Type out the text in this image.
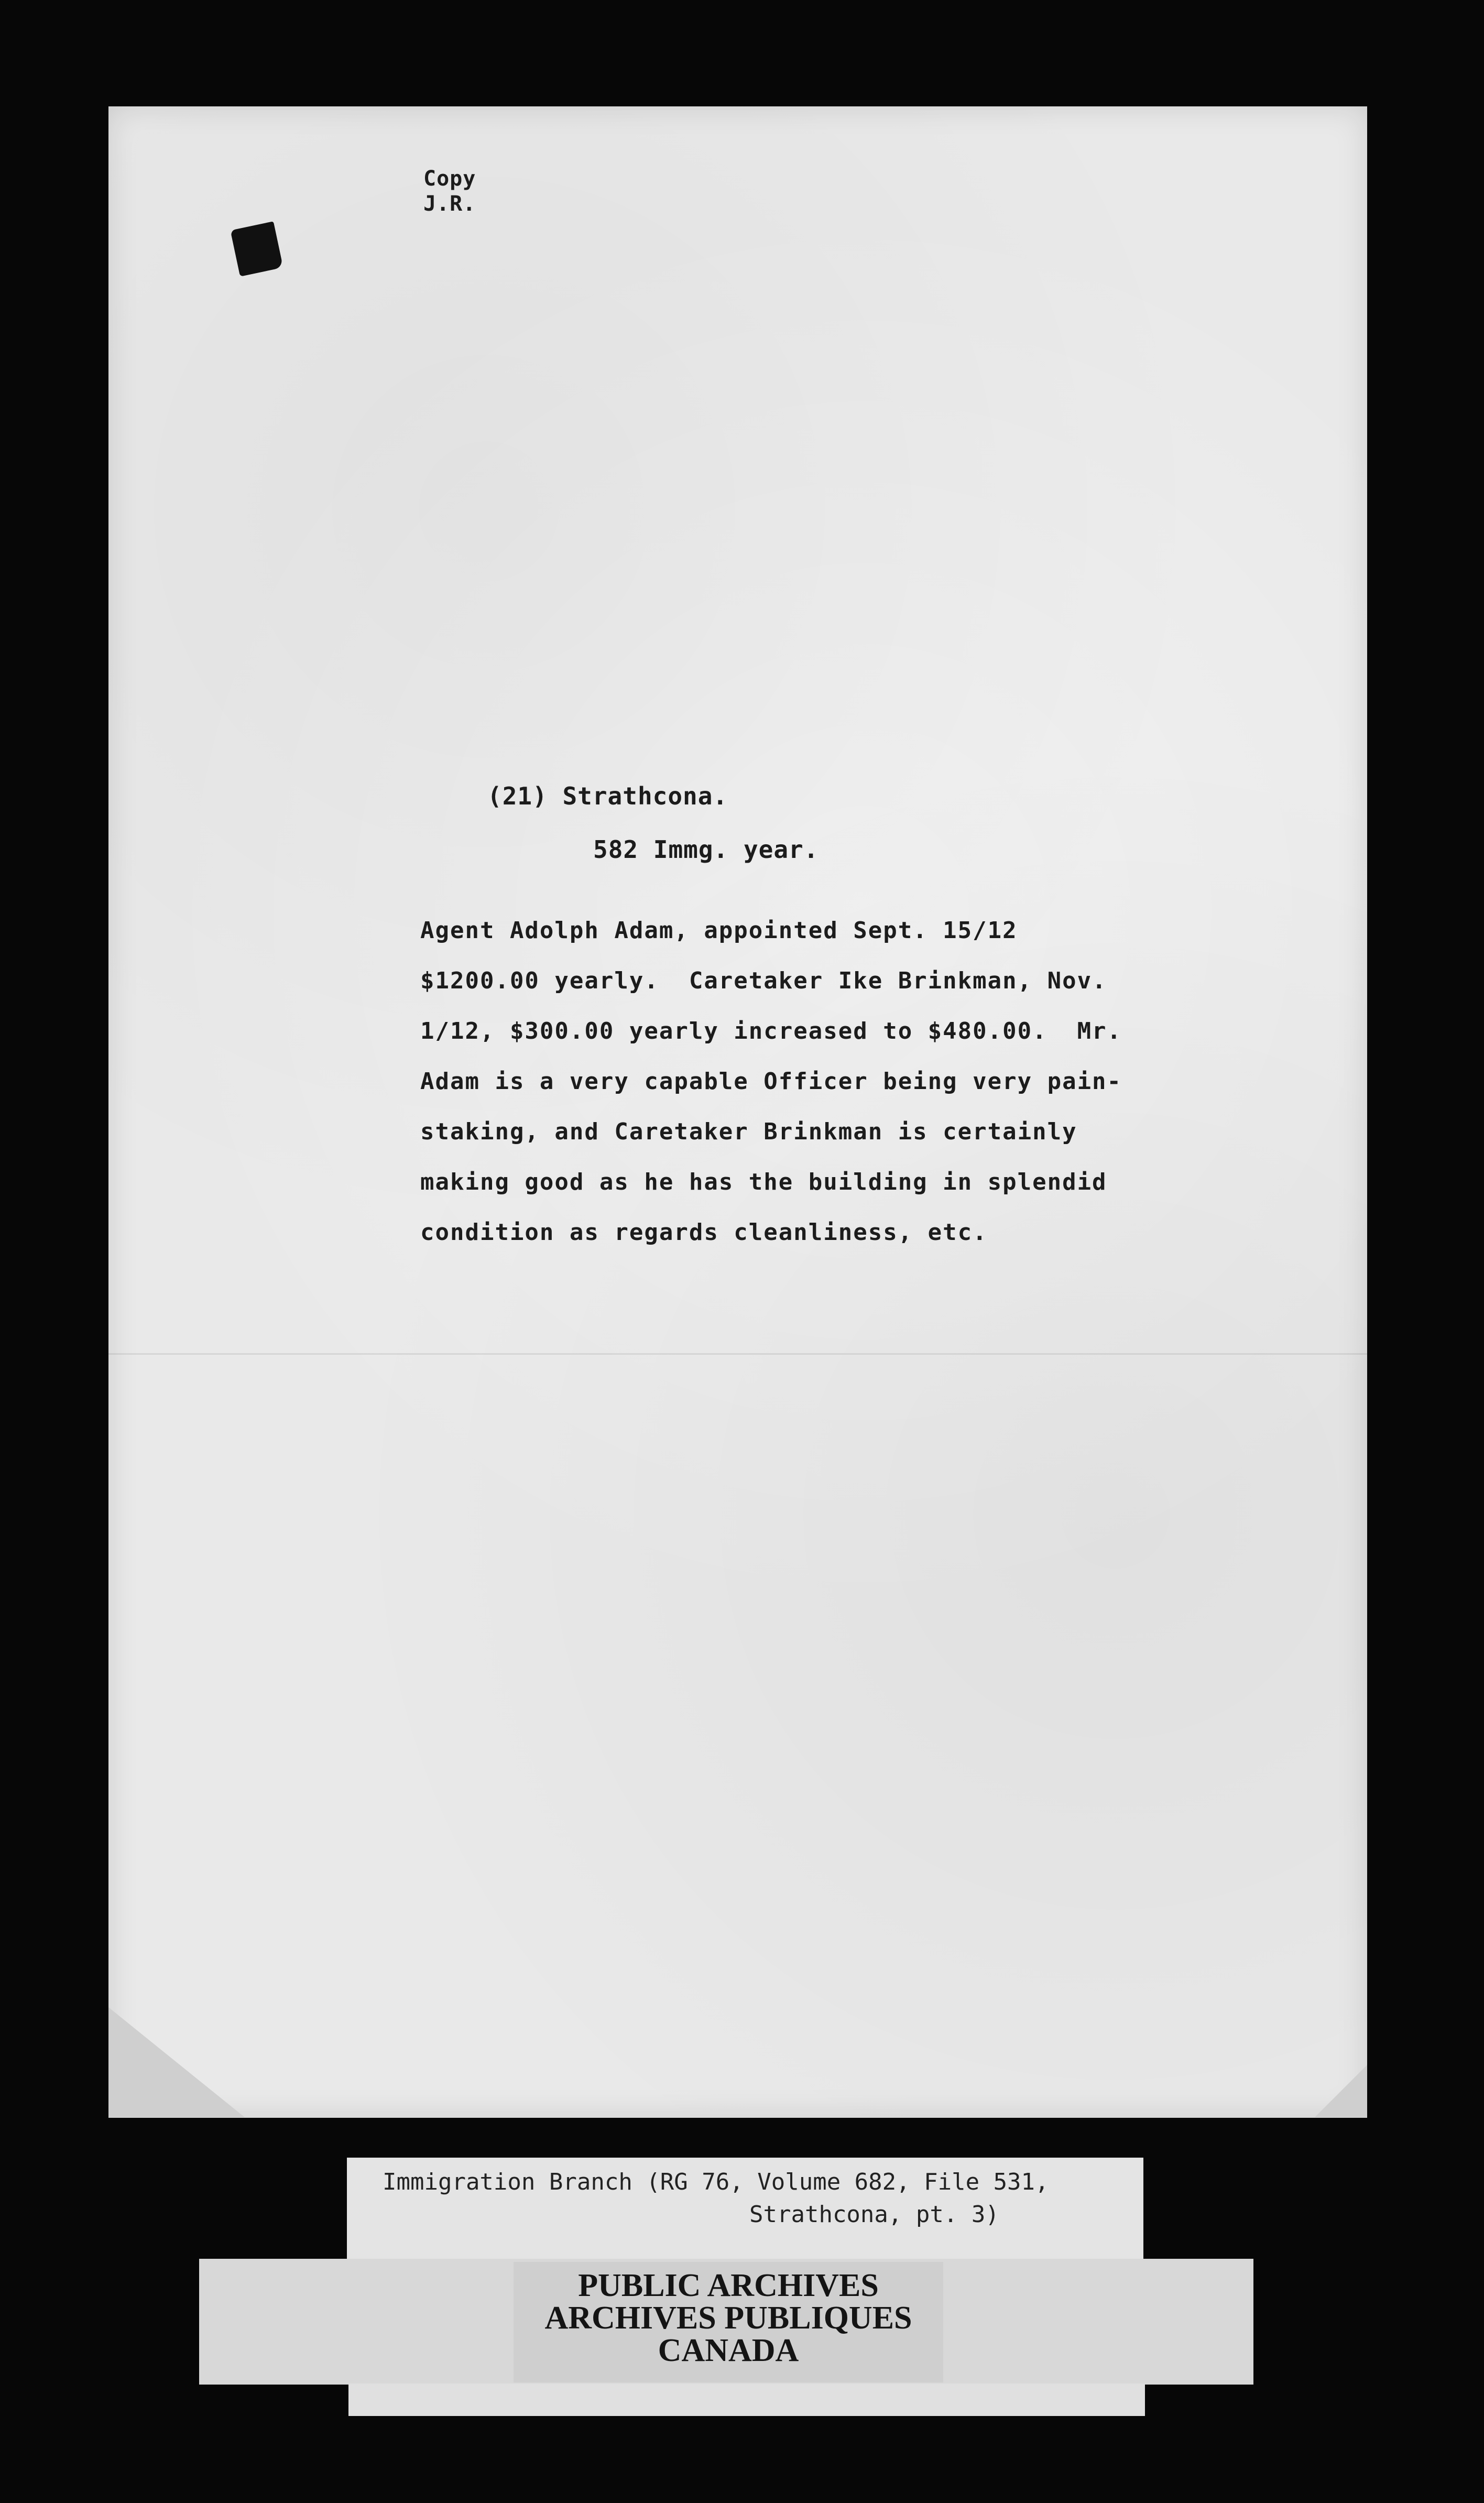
Copy
J.R.
(21) Strathcona.
582 Immg. year.
Agent Adolph Adam, appointed Sept. 15/12
$1200.00 yearly.  Caretaker Ike Brinkman, Nov.
1/12, $300.00 yearly increased to $480.00.  Mr.
Adam is a very capable Officer being very pain-
staking, and Caretaker Brinkman is certainly
making good as he has the building in splendid
condition as regards cleanliness, etc.
Immigration Branch (RG 76, Volume 682, File 531,
Strathcona, pt. 3)
PUBLIC ARCHIVES
ARCHIVES PUBLIQUES
CANADA
